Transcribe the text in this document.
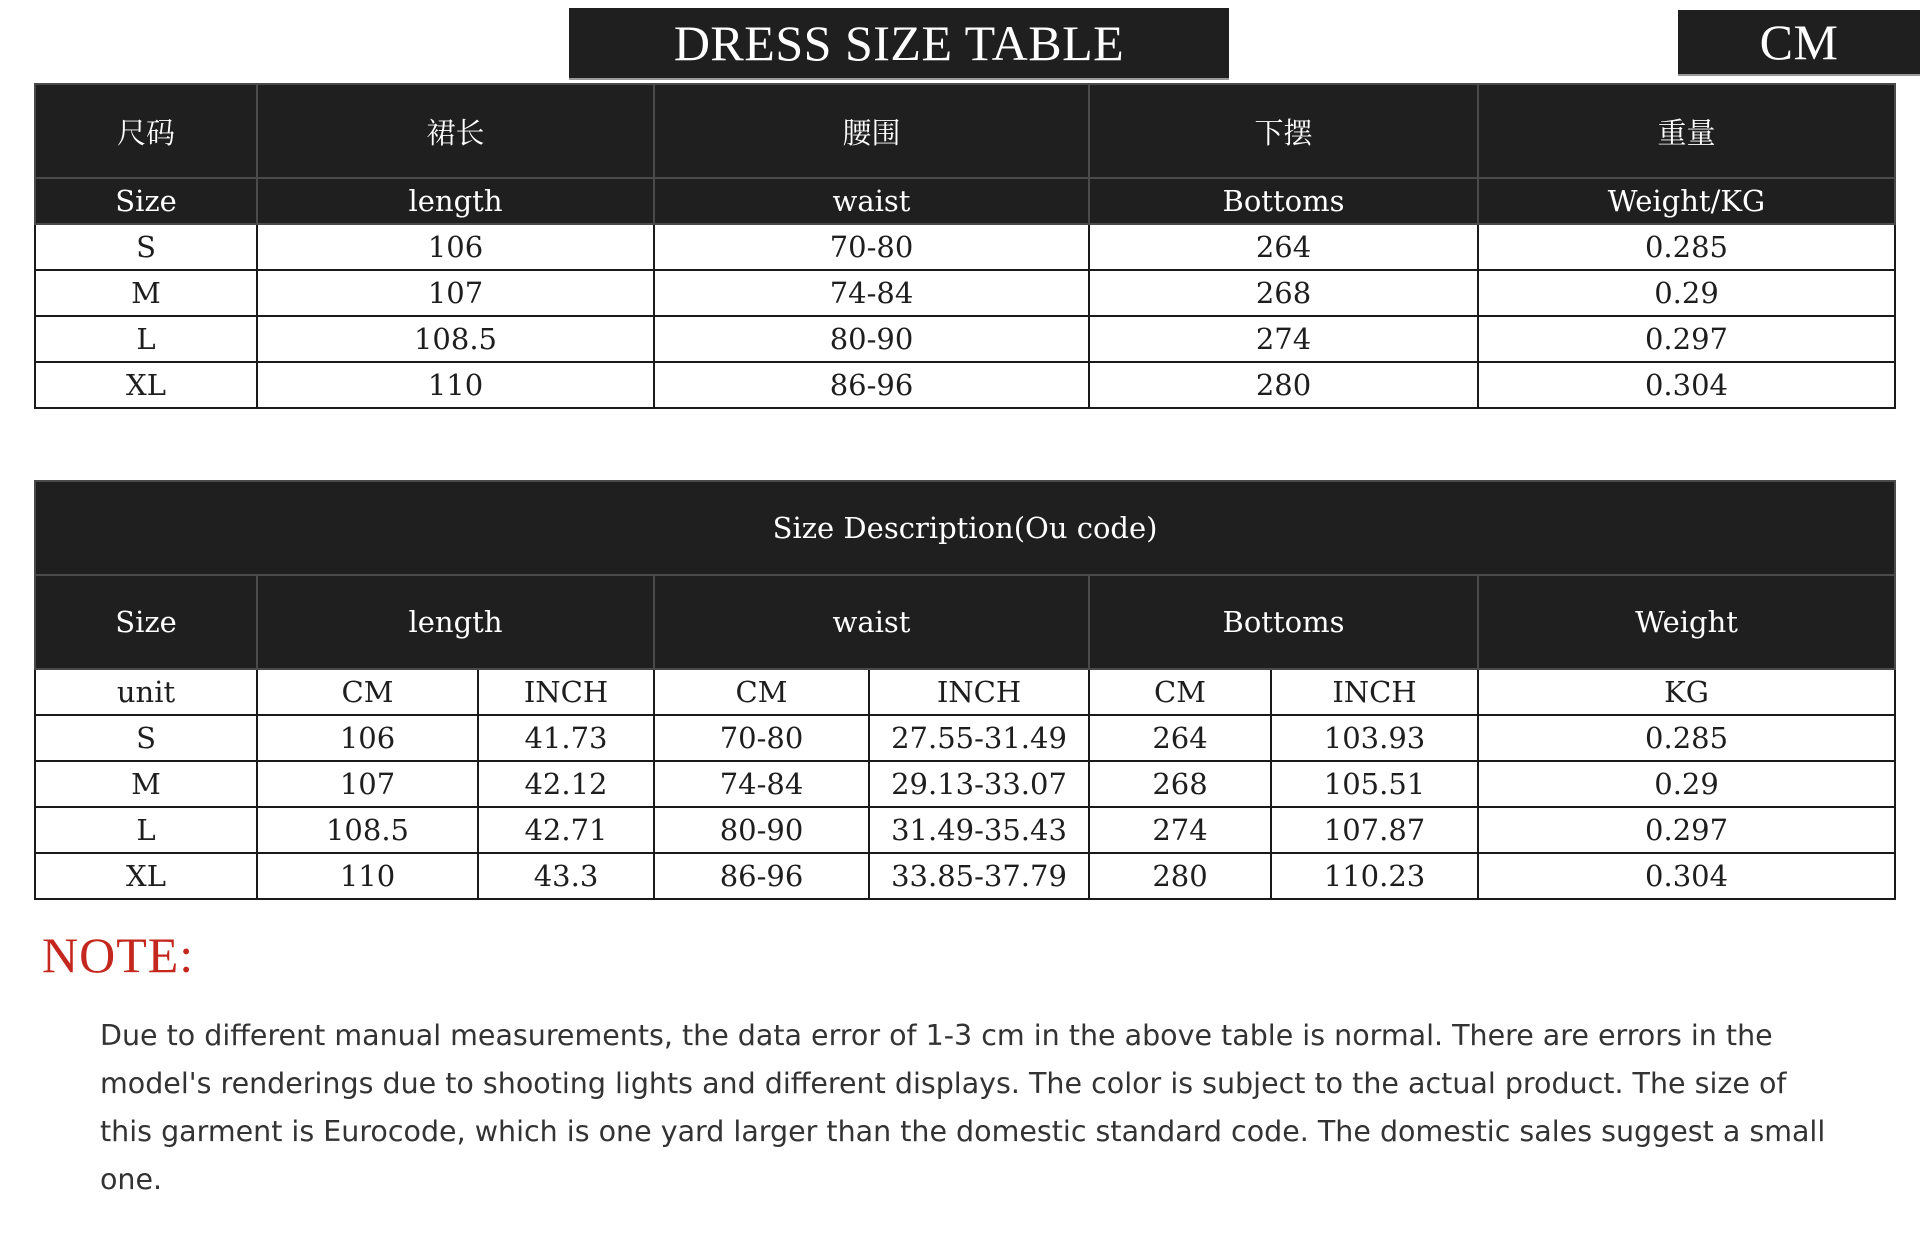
DRESS SIZE TABLE	CM
尺码	裙长	腰围	下摆	重量
Size	length	waist	Bottoms	Weight/KG
S	106	70-80	264	0.285
M	107	74-84	268	0.29
L	108.5	80-90	274	0.297
XL	110	86-96	280	0.304
Size Description(Ou code)							
Size	length		waist		Bottoms		Weight
unit	CM	INCH	CM	INCH	CM	INCH	KG
S	106	41.73	70-80	27.55-31.49	264	103.93	0.285
M	107	42.12	74-84	29.13-33.07	268	105.51	0.29
L	108.5	42.71	80-90	31.49-35.43	274	107.87	0.297
XL	110	43.3	86-96	33.85-37.79	280	110.23	0.304
NOTE:

Due to different manual measurements, the data error of 1-3 cm in the above table is normal. There are errors in the model's renderings due to shooting lights and different displays. The color is subject to the actual product. The size of this garment is Eurocode, which is one yard larger than the domestic standard code. The domestic sales suggest a small one.
